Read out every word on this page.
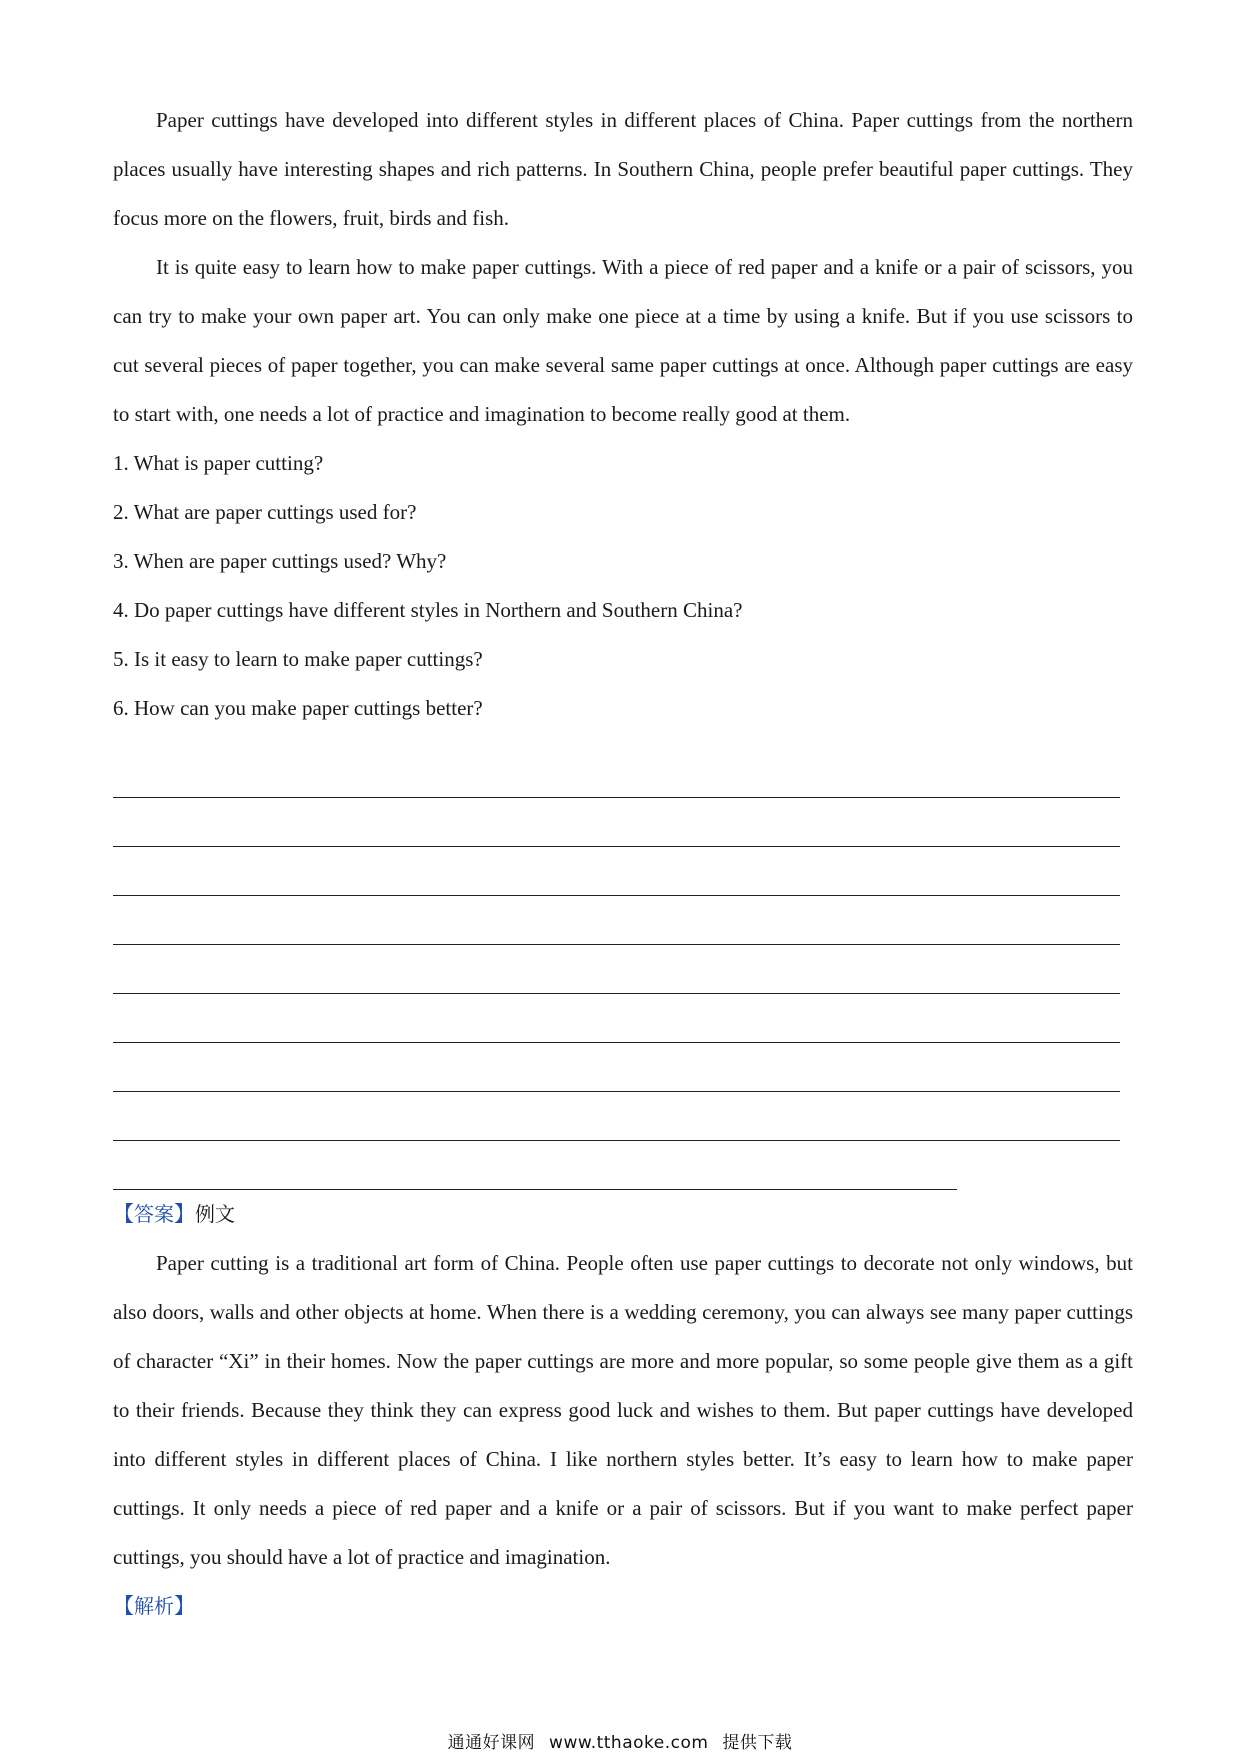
Paper cuttings have developed into different styles in different places of China. Paper cuttings from the northern places usually have interesting shapes and rich patterns. In Southern China, people prefer beautiful paper cuttings. They focus more on the flowers, fruit, birds and fish.

It is quite easy to learn how to make paper cuttings. With a piece of red paper and a knife or a pair of scissors, you can try to make your own paper art. You can only make one piece at a time by using a knife. But if you use scissors to cut several pieces of paper together, you can make several same paper cuttings at once. Although paper cuttings are easy to start with, one needs a lot of practice and imagination to become really good at them.

1. What is paper cutting?

2. What are paper cuttings used for?

3. When are paper cuttings used? Why?

4. Do paper cuttings have different styles in Northern and Southern China?

5. Is it easy to learn to make paper cuttings?

6. How can you make paper cuttings better?

【答案】例文

Paper cutting is a traditional art form of China. People often use paper cuttings to decorate not only windows, but also doors, walls and other objects at home. When there is a wedding ceremony, you can always see many paper cuttings of character “Xi” in their homes. Now the paper cuttings are more and more popular, so some people give them as a gift to their friends. Because they think they can express good luck and wishes to them. But paper cuttings have developed into different styles in different places of China. I like northern styles better. It’s easy to learn how to make paper cuttings. It only needs a piece of red paper and a knife or a pair of scissors. But if you want to make perfect paper cuttings, you should have a lot of practice and imagination.

【解析】

通通好课网 www.tthaoke.com 提供下载
